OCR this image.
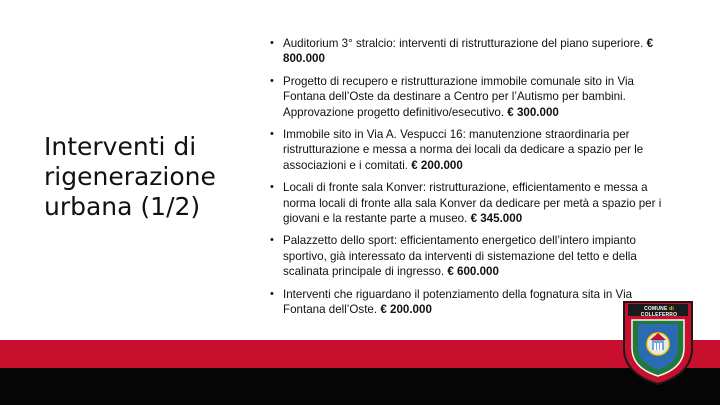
Interventi di
rigenerazione
urbana (1/2)
• Auditorium 3° stralcio: interventi di ristrutturazione del piano superiore. € 800.000
• Progetto di recupero e ristrutturazione immobile comunale sito in Via Fontana dell’Oste da destinare a Centro per l’Autismo per bambini. Approvazione progetto definitivo/esecutivo. € 300.000
• Immobile sito in Via A. Vespucci 16: manutenzione straordinaria per ristrutturazione e messa a norma dei locali da dedicare a spazio per le associazioni e i comitati. € 200.000
• Locali di fronte sala Konver: ristrutturazione, efficientamento e messa a norma locali di fronte alla sala Konver da dedicare per metà a spazio per i giovani e la restante parte a museo. € 345.000
• Palazzetto dello sport: efficientamento energetico dell’intero impianto sportivo, già interessato da interventi di sistemazione del tetto e della scalinata principale di ingresso. € 600.000
• Interventi che riguardano il potenziamento della fognatura sita in Via Fontana dell’Oste. € 200.000	COMUNE di COLLEFERRO
